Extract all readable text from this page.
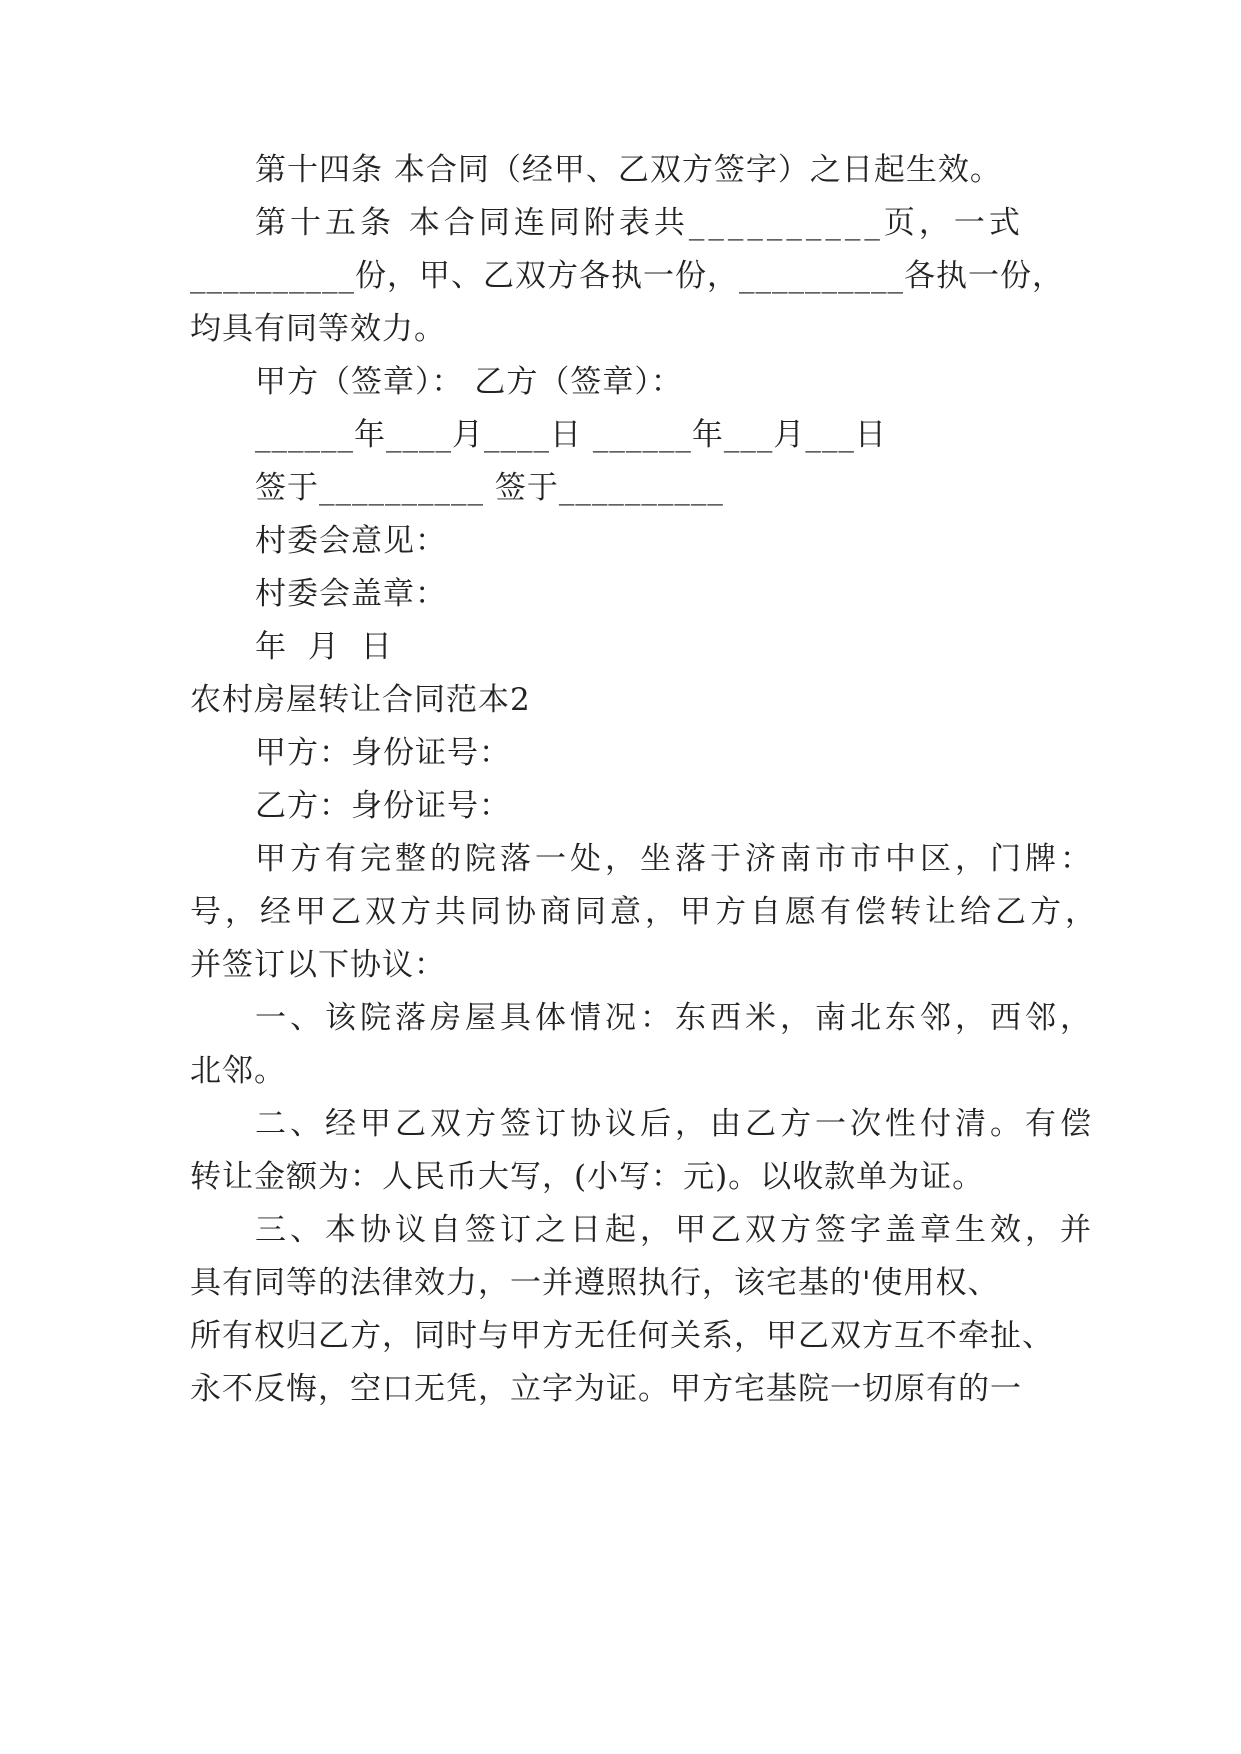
第十四条 本合同（经甲、乙双方签字）之日起生效。
第十五条 本合同连同附表共__________页，一式
__________份，甲、乙双方各执一份，__________各执一份，
均具有同等效力。
甲方（签章）： 乙方（签章）：
______年____月____日 ______年___月___日
签于__________ 签于__________
村委会意见：
村委会盖章：
年 月 日
农村房屋转让合同范本2
甲方：身份证号：
乙方：身份证号：
甲方有完整的院落一处，坐落于济南市市中区，门牌：
号，经甲乙双方共同协商同意，甲方自愿有偿转让给乙方，
并签订以下协议：
一、该院落房屋具体情况：东西米，南北东邻，西邻，
北邻。
二、经甲乙双方签订协议后，由乙方一次性付清。有偿
转让金额为：人民币大写，(小写：元)。以收款单为证。
三、本协议自签订之日起，甲乙双方签字盖章生效，并
具有同等的法律效力，一并遵照执行，该宅基的'使用权、
所有权归乙方，同时与甲方无任何关系，甲乙双方互不牵扯、
永不反悔，空口无凭，立字为证。甲方宅基院一切原有的一
